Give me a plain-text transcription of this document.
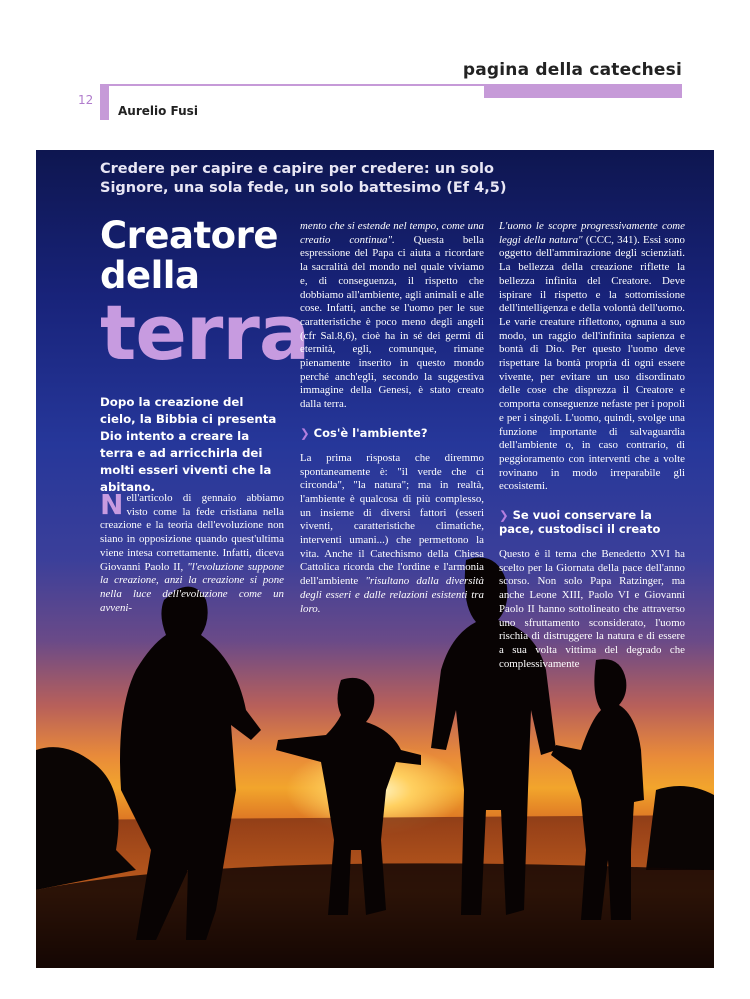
pagina della catechesi
12
Aurelio Fusi
Credere per capire e capire per credere: un solo Signore, una sola fede, un solo battesimo (Ef 4,5)
Creatore
della
terra
Dopo la creazione del cielo, la Bibbia ci presenta Dio intento a creare la terra e ad arricchirla dei molti esseri viventi che la abitano.
N ell'articolo di gennaio abbiamo visto come la fede cristiana nella creazione e la teoria dell'evoluzione non siano in opposizione quando quest'ultima viene intesa correttamente. Infatti, diceva Giovanni Paolo II, "l'evoluzione suppone la creazione, anzi la creazione si pone nella luce dell'evoluzione come un avveni-
mento che si estende nel tempo, come una creatio continua". Questa bella espressione del Papa ci aiuta a ricordare la sacralità del mondo nel quale viviamo e, di conseguenza, il rispetto che dobbiamo all'ambiente, agli animali e alle cose. Infatti, anche se l'uomo per le sue caratteristiche è poco meno degli angeli (cfr Sal.8,6), cioè ha in sé dei germi di eternità, egli, comunque, rimane pienamente inserito in questo mondo perché anch'egli, secondo la suggestiva immagine della Genesi, è stato creato dalla terra.
❯ Cos'è l'ambiente?
La prima risposta che diremmo spontaneamente è: "il verde che ci circonda", "la natura"; ma in realtà, l'ambiente è qualcosa di più complesso, un insieme di diversi fattori (esseri viventi, caratteristiche climatiche, interventi umani...) che permettono la vita. Anche il Catechismo della Chiesa Cattolica ricorda che l'ordine e l'armonia dell'ambiente "risultano dalla diversità degli esseri e dalle relazioni esistenti tra loro.
L'uomo le scopre progressivamente come leggi della natura" (CCC, 341). Essi sono oggetto dell'ammirazione degli scienziati. La bellezza della creazione riflette la bellezza infinita del Creatore. Deve ispirare il rispetto e la sottomissione dell'intelligenza e della volontà dell'uomo. Le varie creature riflettono, ognuna a suo modo, un raggio dell'infinita sapienza e bontà di Dio. Per questo l'uomo deve rispettare la bontà propria di ogni essere vivente, per evitare un uso disordinato delle cose che disprezza il Creatore e comporta conseguenze nefaste per i popoli e per i singoli. L'uomo, quindi, svolge una funzione importante di salvaguardia dell'ambiente o, in caso contrario, di peggioramento con interventi che a volte rovinano in modo irreparabile gli ecosistemi.
❯ Se vuoi conservare la pace, custodisci il creato
Questo è il tema che Benedetto XVI ha scelto per la Giornata della pace dell'anno scorso. Non solo Papa Ratzinger, ma anche Leone XIII, Paolo VI e Giovanni Paolo II hanno sottolineato che attraverso uno sfruttamento sconsiderato, l'uomo rischia di distruggere la natura e di essere a sua volta vittima del degrado che complessivamente
